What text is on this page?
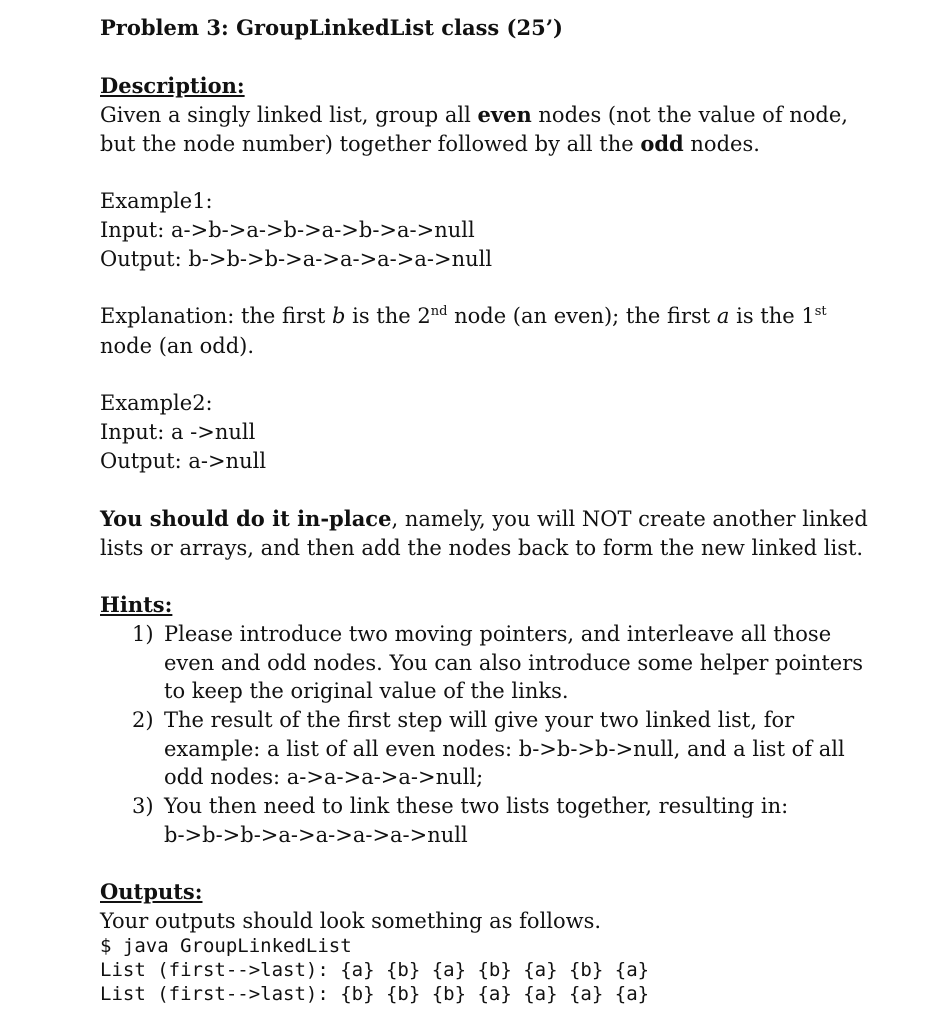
Problem 3: GroupLinkedList class (25’)
Description:
Given a singly linked list, group all even nodes (not the value of node,
but the node number) together followed by all the odd nodes.
Example1:
Input: a->b->a->b->a->b->a->null
Output: b->b->b->a->a->a->a->null
Explanation: the first b is the 2nd node (an even); the first a is the 1st
node (an odd).
Example2:
Input: a ->null
Output: a->null
You should do it in-place, namely, you will NOT create another linked
lists or arrays, and then add the nodes back to form the new linked list.
Hints:
1) Please introduce two moving pointers, and interleave all those
even and odd nodes. You can also introduce some helper pointers
to keep the original value of the links.
2) The result of the first step will give your two linked list, for
example: a list of all even nodes: b->b->b->null, and a list of all
odd nodes: a->a->a->a->null;
3) You then need to link these two lists together, resulting in:
b->b->b->a->a->a->a->null
Outputs:
Your outputs should look something as follows.
$ java GroupLinkedList
List (first-->last): {a} {b} {a} {b} {a} {b} {a}
List (first-->last): {b} {b} {b} {a} {a} {a} {a}
